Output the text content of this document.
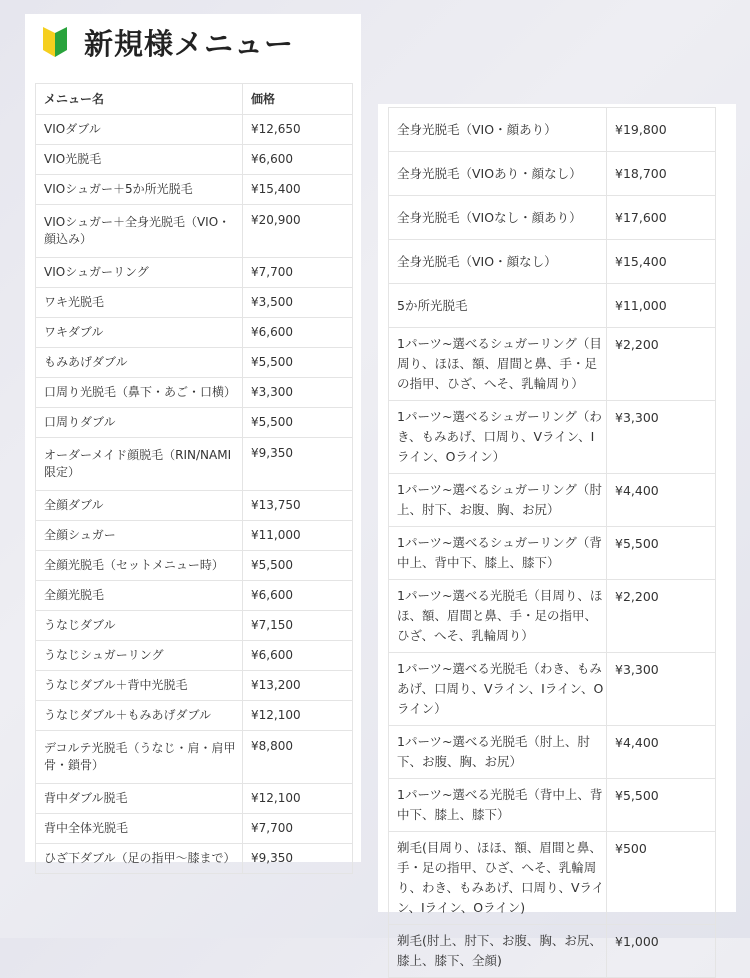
新規様メニュー
メニュー名	価格
VIOダブル	¥12,650
VIO光脱毛	¥6,600
VIOシュガー＋5か所光脱毛	¥15,400
VIOシュガー＋全身光脱毛（VIO・顔込み）	¥20,900
VIOシュガーリング	¥7,700
ワキ光脱毛	¥3,500
ワキダブル	¥6,600
もみあげダブル	¥5,500
口周り光脱毛（鼻下・あご・口横）	¥3,300
口周りダブル	¥5,500
オーダーメイド顔脱毛（RIN/NAMI限定）	¥9,350
全顔ダブル	¥13,750
全顔シュガー	¥11,000
全顔光脱毛（セットメニュー時）	¥5,500
全顔光脱毛	¥6,600
うなじダブル	¥7,150
うなじシュガーリング	¥6,600
うなじダブル＋背中光脱毛	¥13,200
うなじダブル＋もみあげダブル	¥12,100
デコルテ光脱毛（うなじ・肩・肩甲骨・鎖骨）	¥8,800
背中ダブル脱毛	¥12,100
背中全体光脱毛	¥7,700
ひざ下ダブル（足の指甲〜膝まで）	¥9,350
全身光脱毛（VIO・顔あり）	¥19,800
全身光脱毛（VIOあり・顔なし）	¥18,700
全身光脱毛（VIOなし・顔あり）	¥17,600
全身光脱毛（VIO・顔なし）	¥15,400
5か所光脱毛	¥11,000
1パーツ~選べるシュガーリング（目周り、ほほ、額、眉間と鼻、手・足の指甲、ひざ、へそ、乳輪周り）	¥2,200
1パーツ~選べるシュガーリング（わき、もみあげ、口周り、Vライン、Iライン、Oライン）	¥3,300
1パーツ~選べるシュガーリング（肘上、肘下、お腹、胸、お尻）	¥4,400
1パーツ~選べるシュガーリング（背中上、背中下、膝上、膝下）	¥5,500
1パーツ~選べる光脱毛（目周り、ほほ、額、眉間と鼻、手・足の指甲、ひざ、へそ、乳輪周り）	¥2,200
1パーツ~選べる光脱毛（わき、もみあげ、口周り、Vライン、Iライン、Oライン）	¥3,300
1パーツ~選べる光脱毛（肘上、肘下、お腹、胸、お尻）	¥4,400
1パーツ~選べる光脱毛（背中上、背中下、膝上、膝下）	¥5,500
剃毛(目周り、ほほ、額、眉間と鼻、手・足の指甲、ひざ、へそ、乳輪周り、わき、もみあげ、口周り、Vライン、Iライン、Oライン)	¥500
剃毛(肘上、肘下、お腹、胸、お尻、膝上、膝下、全顔)	¥1,000
